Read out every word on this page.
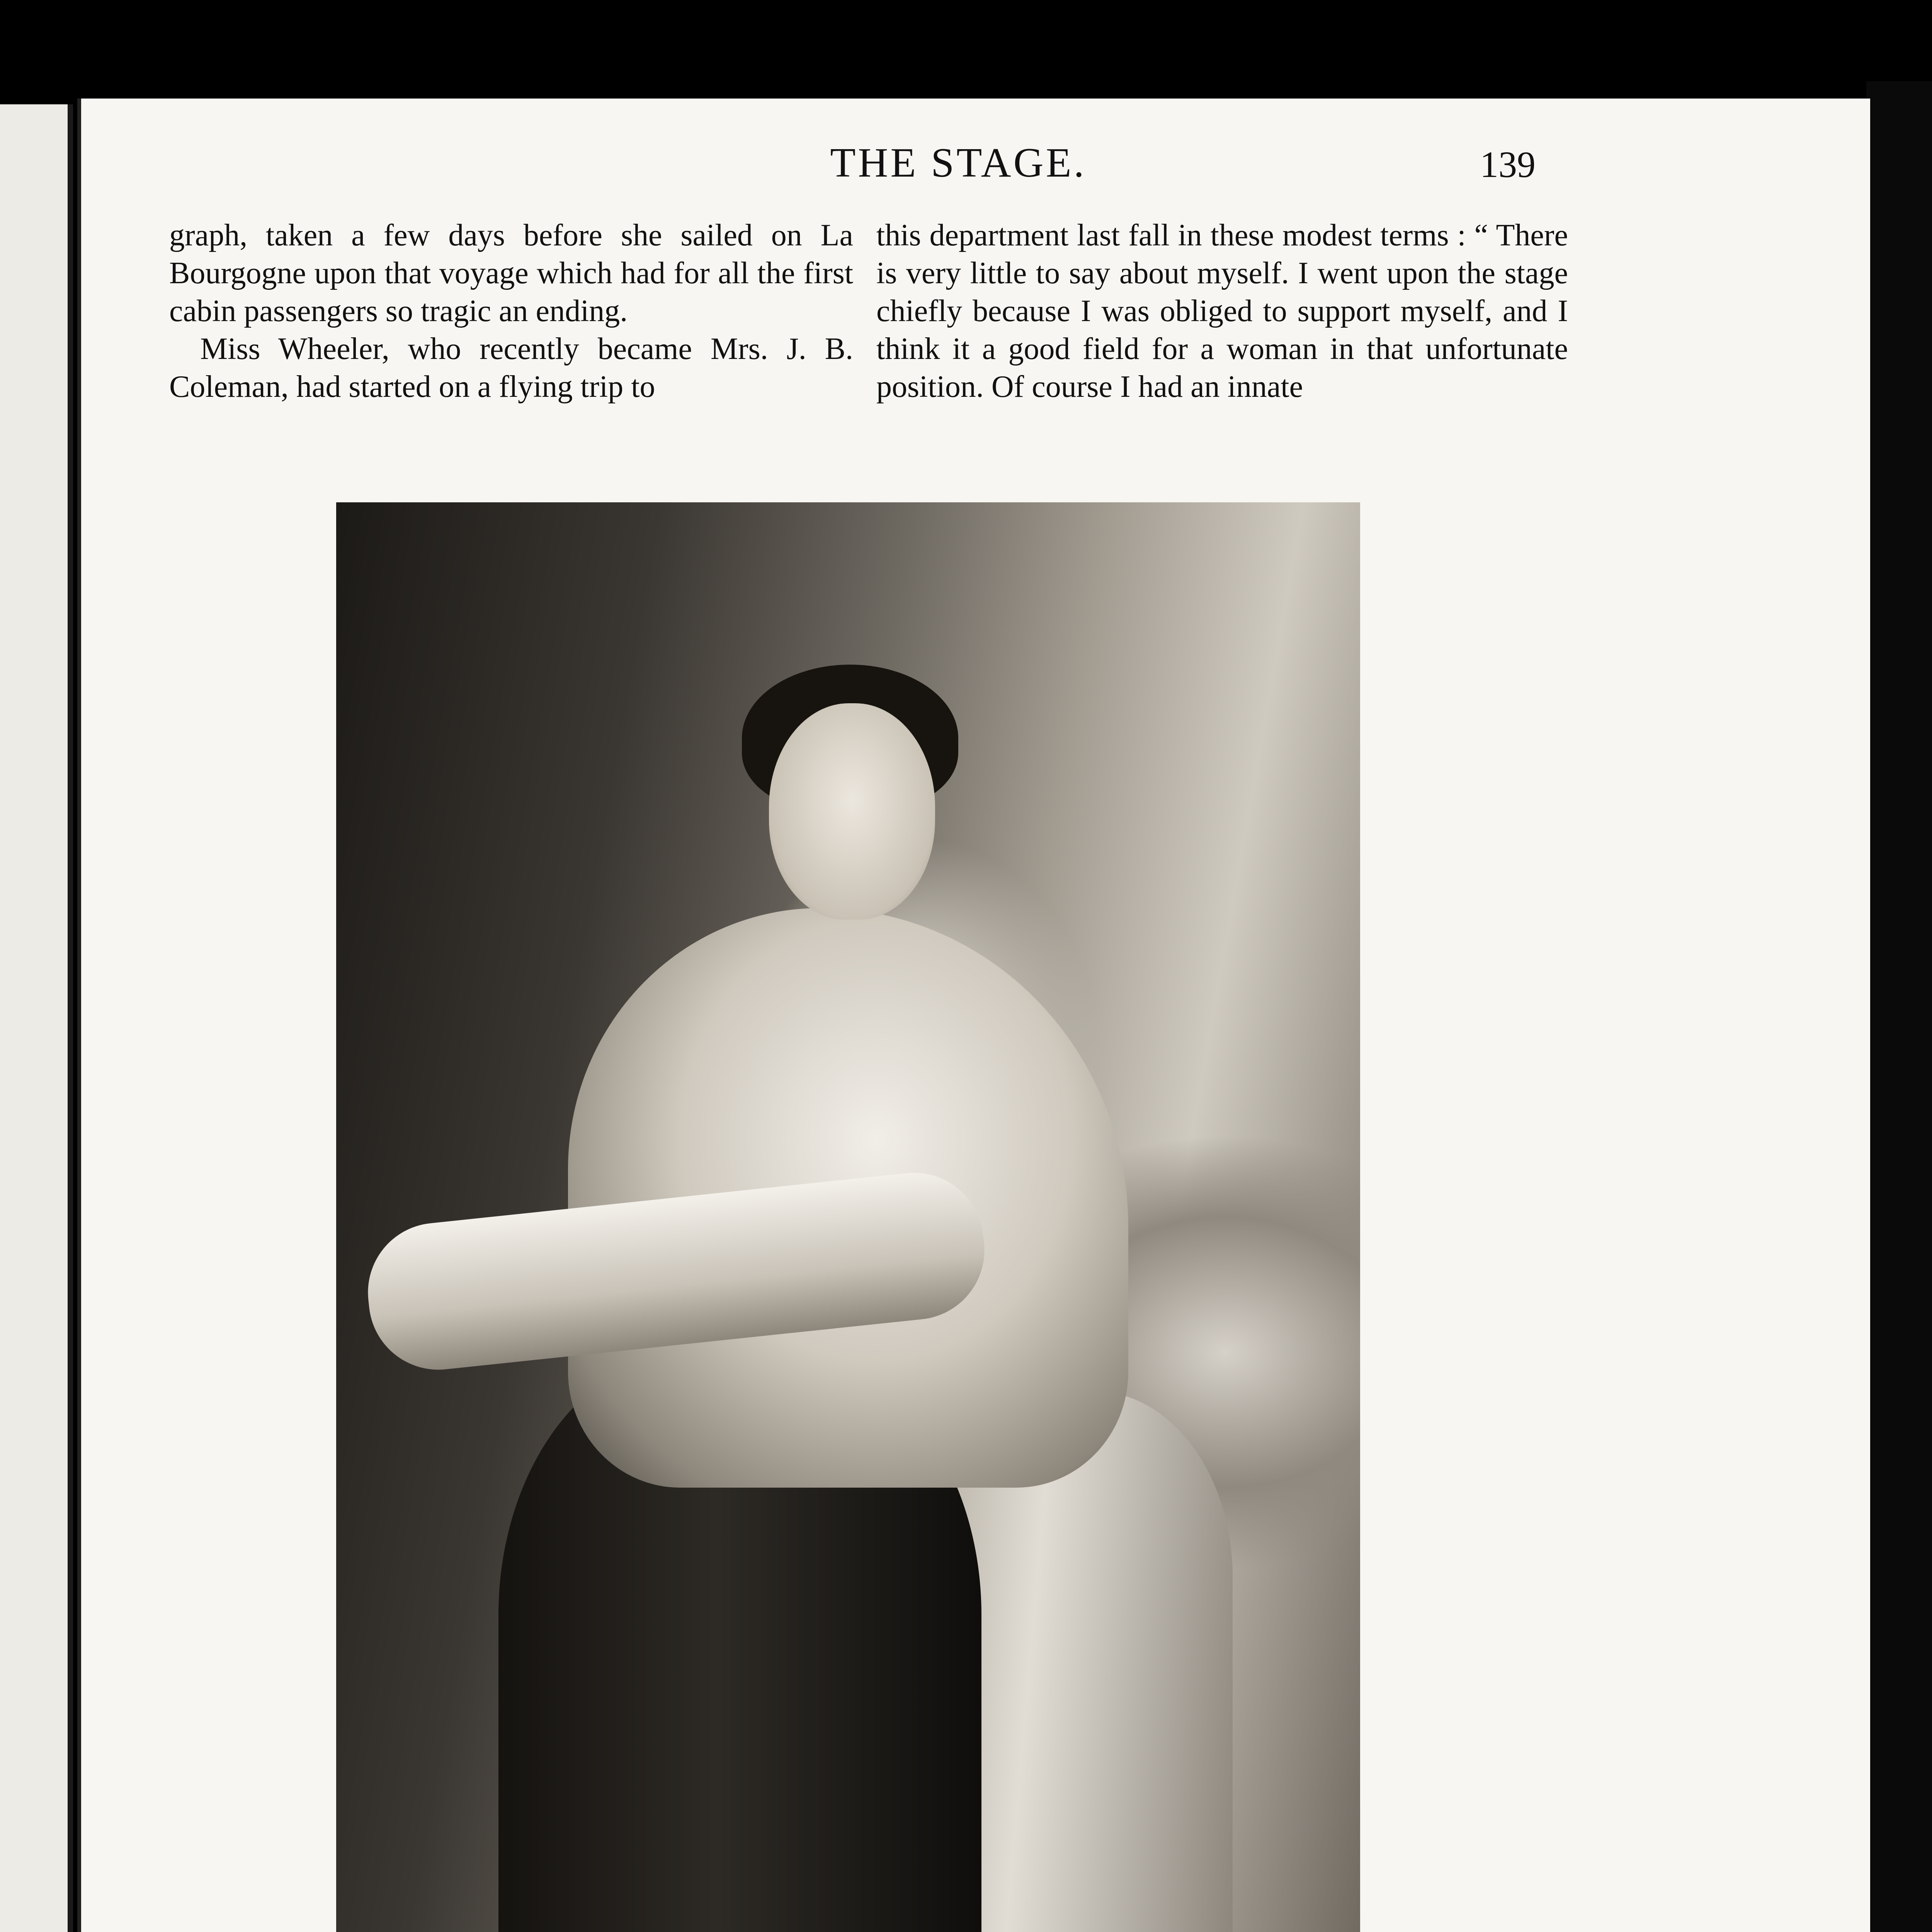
THE STAGE.	139

graph, taken a few days before she sailed on La Bourgogne upon that voyage which had for all the first cabin passengers so tragic an ending.

Miss Wheeler, who recently became Mrs. J. B. Coleman, had started on a flying trip to

this department last fall in these modest terms : “ There is very little to say about myself. I went upon the stage chiefly because I was obliged to support myself, and I think it a good field for a woman in that unfortunate position. Of course I had an innate
